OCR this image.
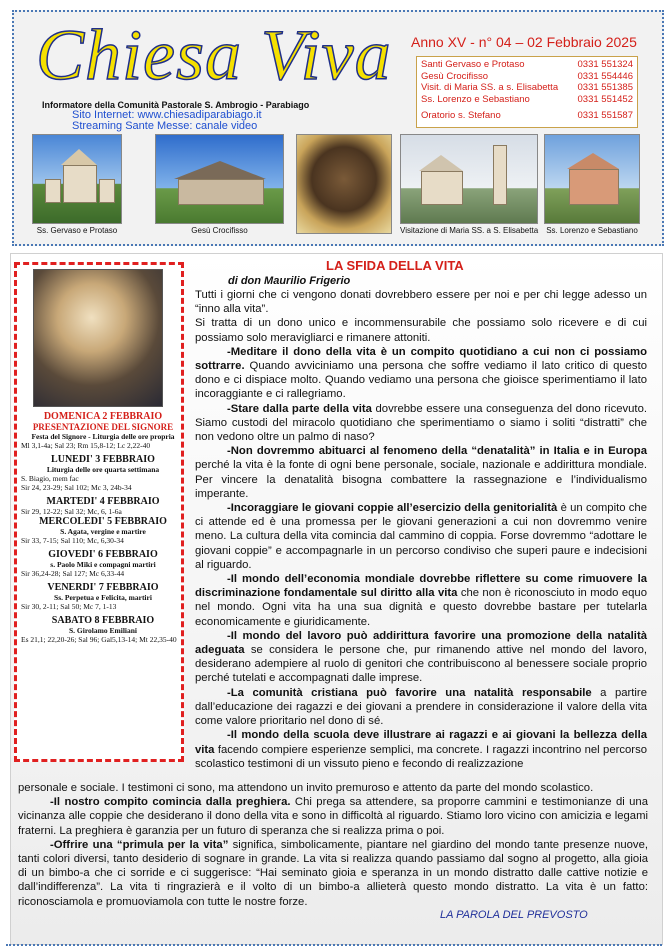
Chiesa Viva
Informatore della Comunità Pastorale S. Ambrogio - Parabiago
Sito Internet: www.chiesadiparabiago.it
Streaming Sante Messe: canale video
Anno XV - n° 04 – 02 Febbraio 2025
Santi Gervaso e Protaso	0331 551324
Gesù Crocifisso	0331 554446
Visit. di Maria SS. a s. Elisabetta 0331 551385
Ss. Lorenzo e Sebastiano	0331 551452
Oratorio s. Stefano	0331 551587
Ss. Gervaso e Protaso	Gesù Crocifisso	Visitazione di Maria SS. a S. Elisabetta Ss. Lorenzo e Sebastiano

DOMENICA 2 FEBBRAIO

PRESENTAZIONE DEL SIGNORE

Festa del Signore - Liturgia delle ore propria

Ml 3,1-4a; Sal 23; Rm 15,8-12; Lc 2,22-40

LUNEDI' 3 FEBBRAIO

Liturgia delle ore quarta settimana

S. Biagio, mem fac

Sir 24, 23-29; Sal 102; Mc 3, 24b-34

MARTEDI' 4 FEBBRAIO

Sir 29, 12-22; Sal 32; Mc, 6, 1-6a

MERCOLEDI' 5 FEBBRAIO

S. Agata, vergine e martire

Sir 33, 7-15; Sal 110; Mc, 6,30-34

GIOVEDI' 6 FEBBRAIO

s. Paolo Miki e compagni martiri

Sir 36,24-28; Sal 127; Mc 6,33-44

VENERDI' 7 FEBBRAIO

Ss. Perpetua e Felicita, martiri

Sir 30, 2-11; Sal 50; Mc 7, 1-13

SABATO 8 FEBBRAIO

S. Girolamo Emiliani

Es 21,1; 22,20-26; Sal 96; Gal5,13-14; Mt 22,35-40

LA SFIDA DELLA VITA
di don Maurilio Frigerio

Tutti i giorni che ci vengono donati dovrebbero essere per noi e per chi legge adesso un “inno alla vita”.

Si tratta di un dono unico e incommensurabile che possiamo solo ricevere e di cui possiamo solo meravigliarci e rimanere attoniti.

-Meditare il dono della vita è un compito quotidiano a cui non ci possiamo sottrarre. Quando avviciniamo una persona che soffre vediamo il lato critico di questo dono e ci dispiace molto. Quando vediamo una persona che gioisce sperimentiamo il lato incoraggiante e ci rallegriamo.

-Stare dalla parte della vita dovrebbe essere una conseguenza del dono ricevuto. Siamo custodi del miracolo quotidiano che sperimentiamo o siamo i soliti “distratti” che non vedono oltre un palmo di naso?

-Non dovremmo abituarci al fenomeno della “denatalità” in Italia e in Europa perché la vita è la fonte di ogni bene personale, sociale, nazionale e addirittura mondiale. Per vincere la denatalità bisogna combattere la rassegnazione e l’individualismo imperante.

-Incoraggiare le giovani coppie all’esercizio della genitorialità è un compito che ci attende ed è una promessa per le giovani generazioni a cui non dovremmo venire meno. La cultura della vita comincia dal cammino di coppia. Forse dovremmo “adottare le giovani coppie” e accompagnarle in un percorso condiviso che superi paure e indecisioni al riguardo.

-Il mondo dell’economia mondiale dovrebbe riflettere su come rimuovere la discriminazione fondamentale sul diritto alla vita che non è riconosciuto in modo equo nel mondo. Ogni vita ha una sua dignità e questo dovrebbe bastare per tutelarla economicamente e giuridicamente.

-Il mondo del lavoro può addirittura favorire una promozione della natalità adeguata se considera le persone che, pur rimanendo attive nel mondo del lavoro, desiderano adempiere al ruolo di genitori che contribuiscono al benessere sociale proprio perché tutelati e accompagnati dalle imprese.

-La comunità cristiana può favorire una natalità responsabile a partire dall’educazione dei ragazzi e dei giovani a prendere in considerazione il valore della vita come valore prioritario nel dono di sé.

-Il mondo della scuola deve illustrare ai ragazzi e ai giovani la bellezza della vita facendo compiere esperienze semplici, ma concrete. I ragazzi incontrino nel percorso scolastico testimoni di un vissuto pieno e fecondo di realizzazione

personale e sociale. I testimoni ci sono, ma attendono un invito premuroso e attento da parte del mondo scolastico.

-Il nostro compito comincia dalla preghiera. Chi prega sa attendere, sa proporre cammini e testimonianze di una vicinanza alle coppie che desiderano il dono della vita e sono in difficoltà al riguardo. Stiamo loro vicino con amicizia e legami fraterni. La preghiera è garanzia per un futuro di speranza che si realizza prima o poi.

-Offrire una “primula per la vita” significa, simbolicamente, piantare nel giardino del mondo tante presenze nuove, tanti colori diversi, tanto desiderio di sognare in grande. La vita si realizza quando passiamo dal sogno al progetto, alla gioia di un bimbo-a che ci sorride e ci suggerisce: “Hai seminato gioia e speranza in un mondo distratto dalle cattive notizie e dall’indifferenza”. La vita ti ringrazierà e il volto di un bimbo-a allieterà questo mondo distratto. La vita è un fatto: riconosciamola e promuoviamola con tutte le nostre forze.

LA PAROLA DEL PREVOSTO
